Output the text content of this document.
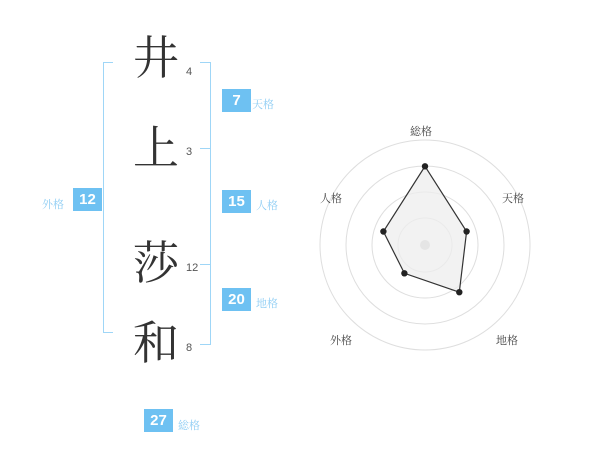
井 4
上 3
莎 12
和 8
外格	12
7	天格
15	人格
20	地格
27	総格
総格
天格
地格
外格
人格
